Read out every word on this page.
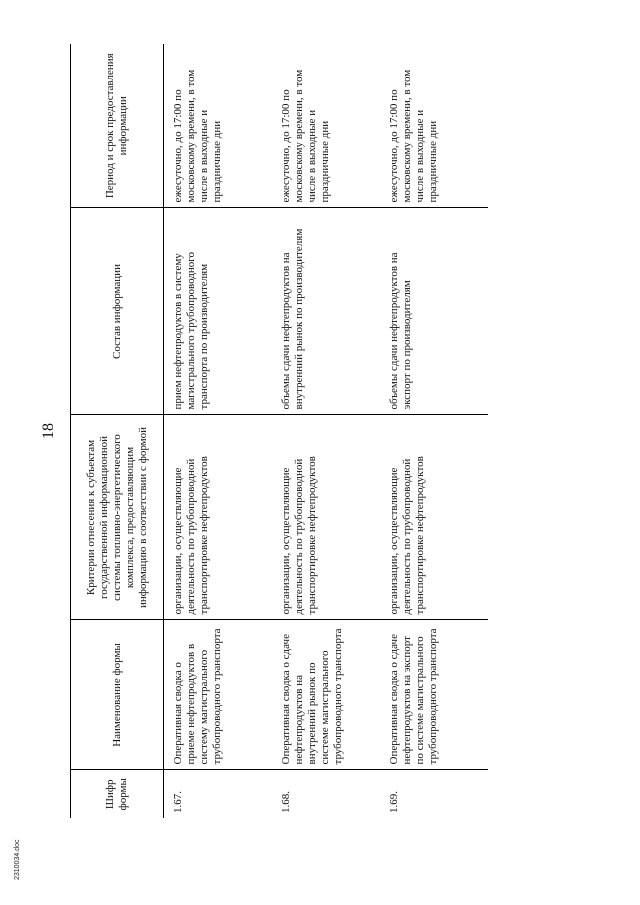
18
Шифр формы	Наименование формы	Критерии отнесения к субъектам государственной информационной системы топливно-энергетического комплекса, предоставляющим информацию в соответствии с формой	Состав информации	Период и срок предоставления информации
1.67.	Оперативная сводка о приеме нефтепродуктов в систему магистрального трубопроводного транспорта	организации, осуществляющие деятельность по трубопроводной транспортировке нефтепродуктов	прием нефтепродуктов в систему магистрального трубопроводного транспорта по производителям	ежесуточно, до 17:00 по московскому времени, в том числе в выходные и праздничные дни
1.68.	Оперативная сводка о сдаче нефтепродуктов на внутренний рынок по системе магистрального трубопроводного транспорта	организации, осуществляющие деятельность по трубопроводной транспортировке нефтепродуктов	объемы сдачи нефтепродуктов на внутренний рынок по производителям	ежесуточно, до 17:00 по московскому времени, в том числе в выходные и праздничные дни
1.69.	Оперативная сводка о сдаче нефтепродуктов на экспорт по системе магистрального трубопроводного транспорта	организации, осуществляющие деятельность по трубопроводной транспортировке нефтепродуктов	объемы сдачи нефтепродуктов на экспорт по производителям	ежесуточно, до 17:00 по московскому времени, в том числе в выходные и праздничные дни
2310034.doc
